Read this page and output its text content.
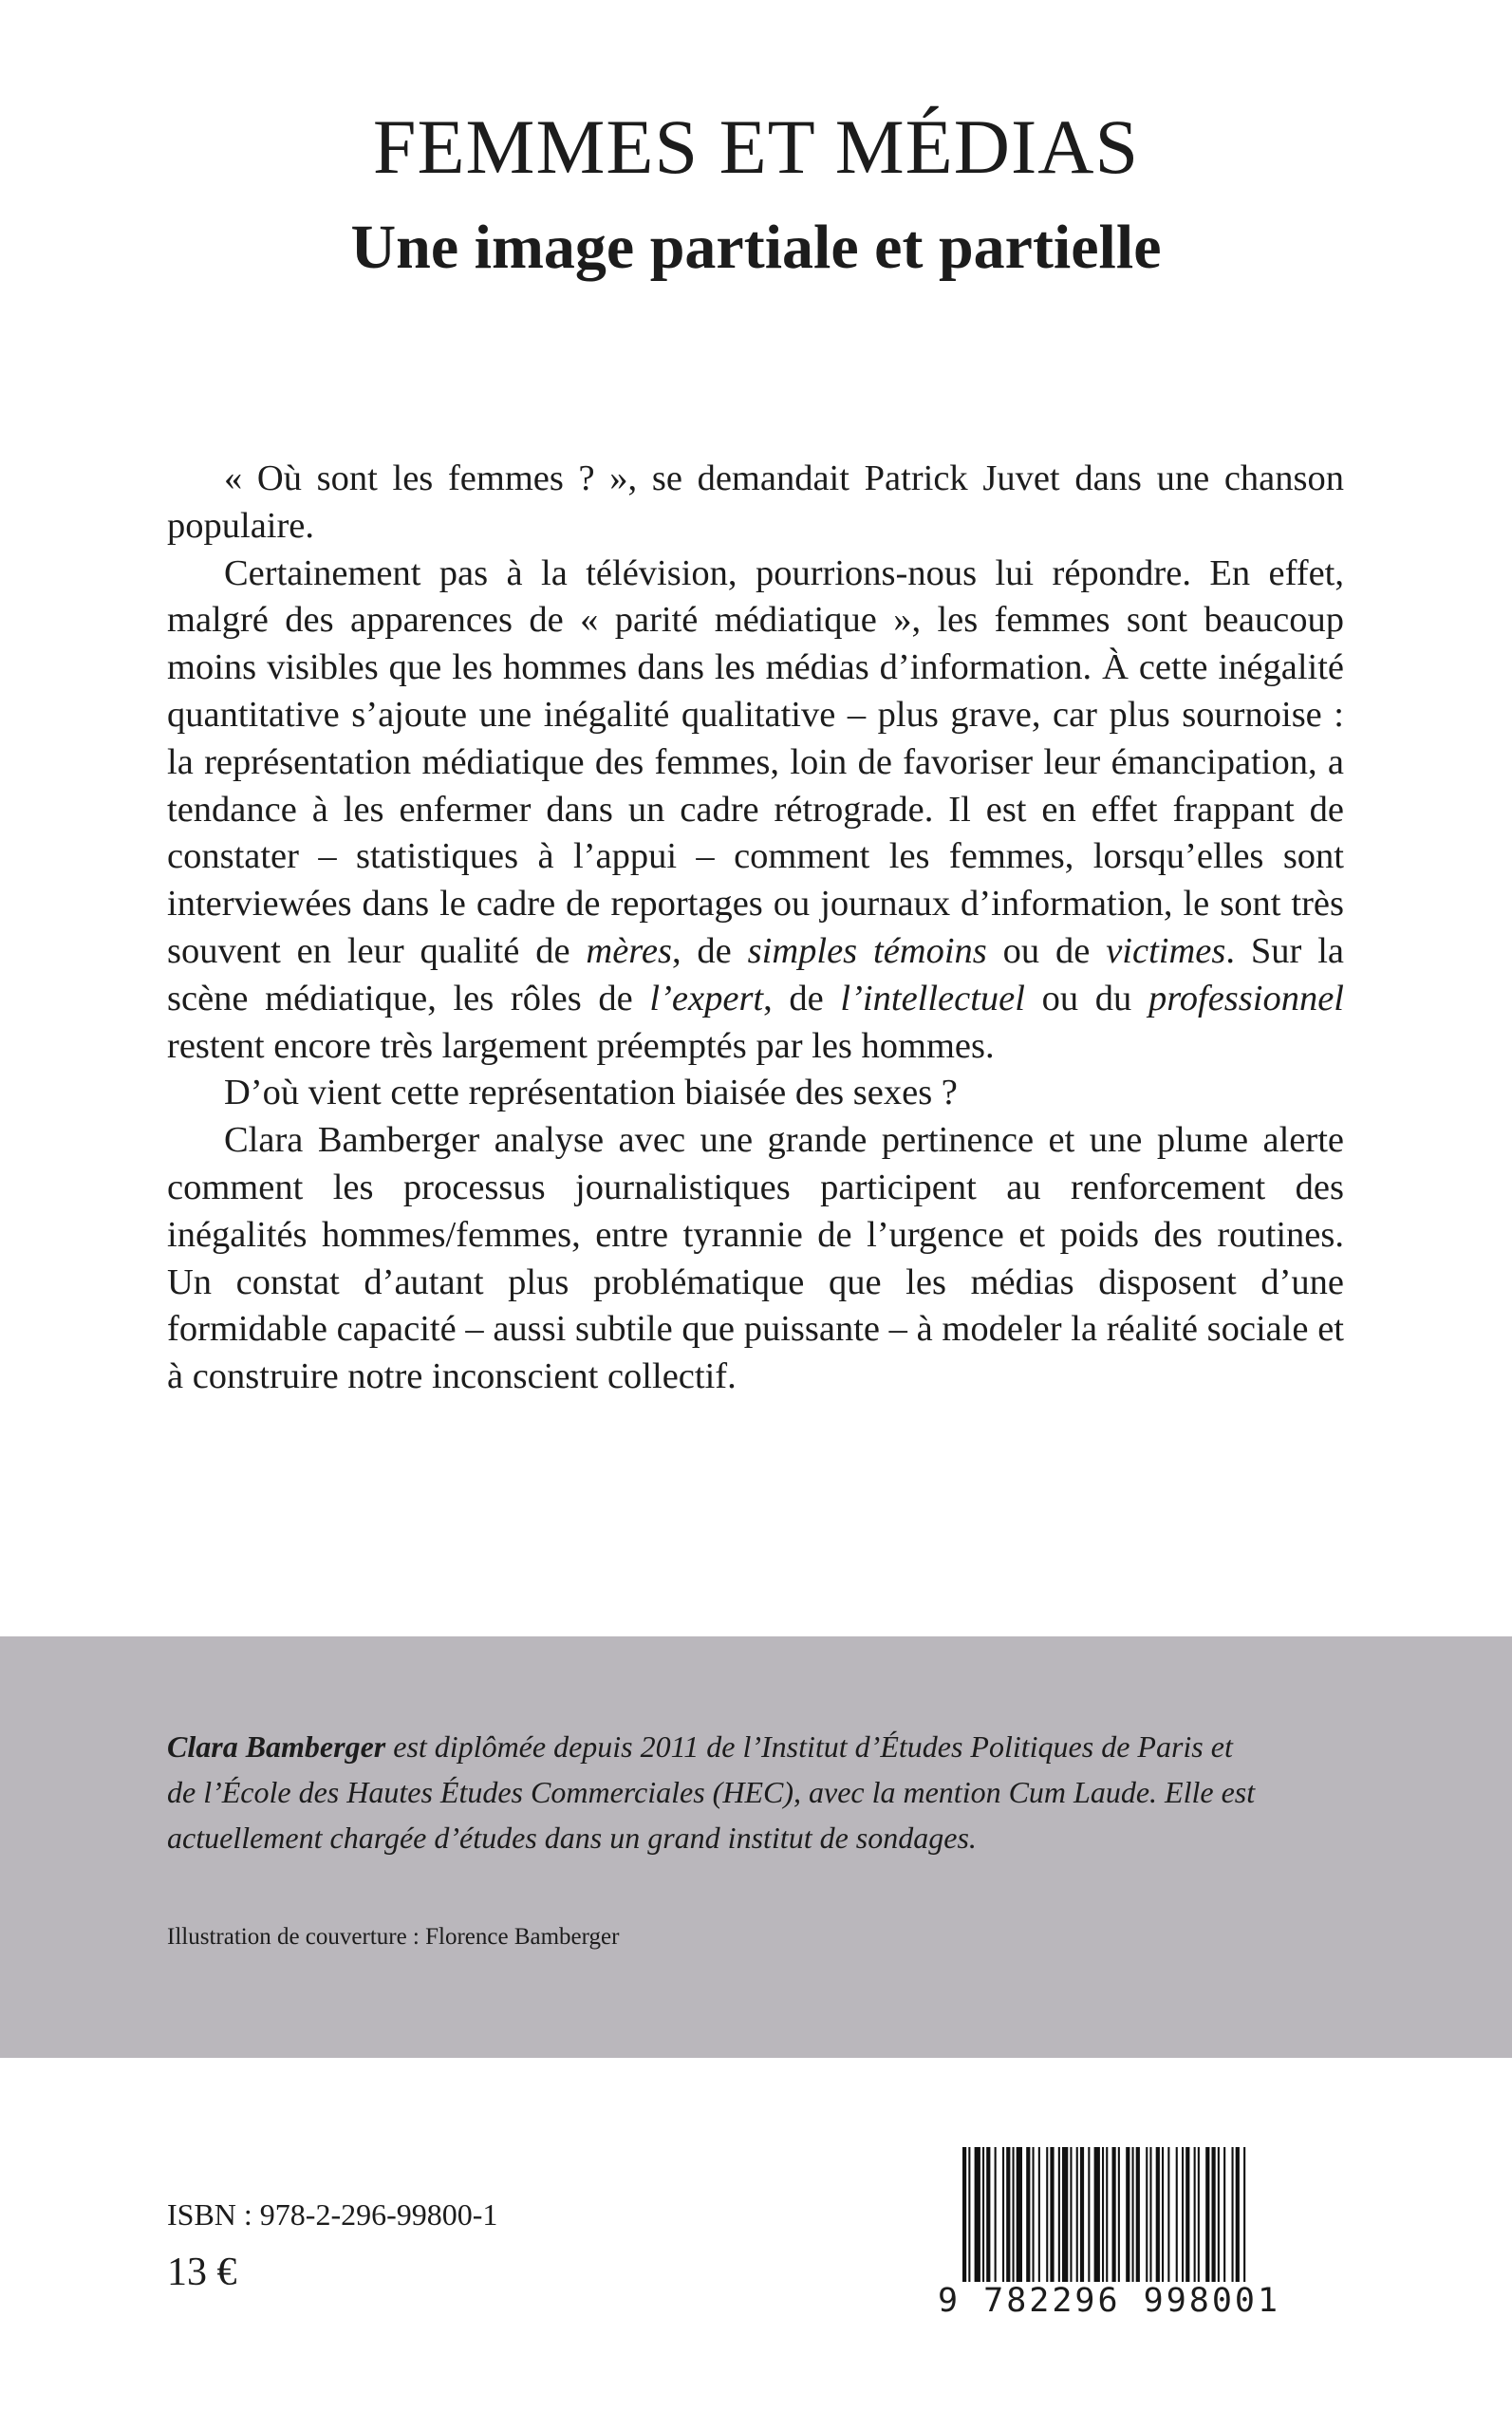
FEMMES ET MÉDIAS
Une image partiale et partielle

« Où sont les femmes ? », se demandait Patrick Juvet dans une chanson populaire.

Certainement pas à la télévision, pourrions-nous lui répondre. En effet, malgré des apparences de « parité médiatique », les femmes sont beaucoup moins visibles que les hommes dans les médias d’information. À cette inégalité quantitative s’ajoute une inégalité qualitative – plus grave, car plus sournoise : la représentation médiatique des femmes, loin de favoriser leur émancipation, a tendance à les enfermer dans un cadre rétrograde. Il est en effet frappant de constater – statistiques à l’appui – comment les femmes, lorsqu’elles sont interviewées dans le cadre de reportages ou journaux d’information, le sont très souvent en leur qualité de mères, de simples témoins ou de victimes. Sur la scène médiatique, les rôles de l’expert, de l’intellectuel ou du professionnel restent encore très largement préemptés par les hommes.

D’où vient cette représentation biaisée des sexes ?

Clara Bamberger analyse avec une grande pertinence et une plume alerte comment les processus journalistiques participent au renforcement des inégalités hommes/femmes, entre tyrannie de l’urgence et poids des routines. Un constat d’autant plus problématique que les médias disposent d’une formidable capacité – aussi subtile que puissante – à modeler la réalité sociale et à construire notre inconscient collectif.

Clara Bamberger est diplômée depuis 2011 de l’Institut d’Études Politiques de Paris et
de l’École des Hautes Études Commerciales (HEC), avec la mention Cum Laude. Elle est
actuellement chargée d’études dans un grand institut de sondages.

Illustration de couverture : Florence Bamberger

ISBN : 978-2-296-99800-1

13 €

9 782296 998001
